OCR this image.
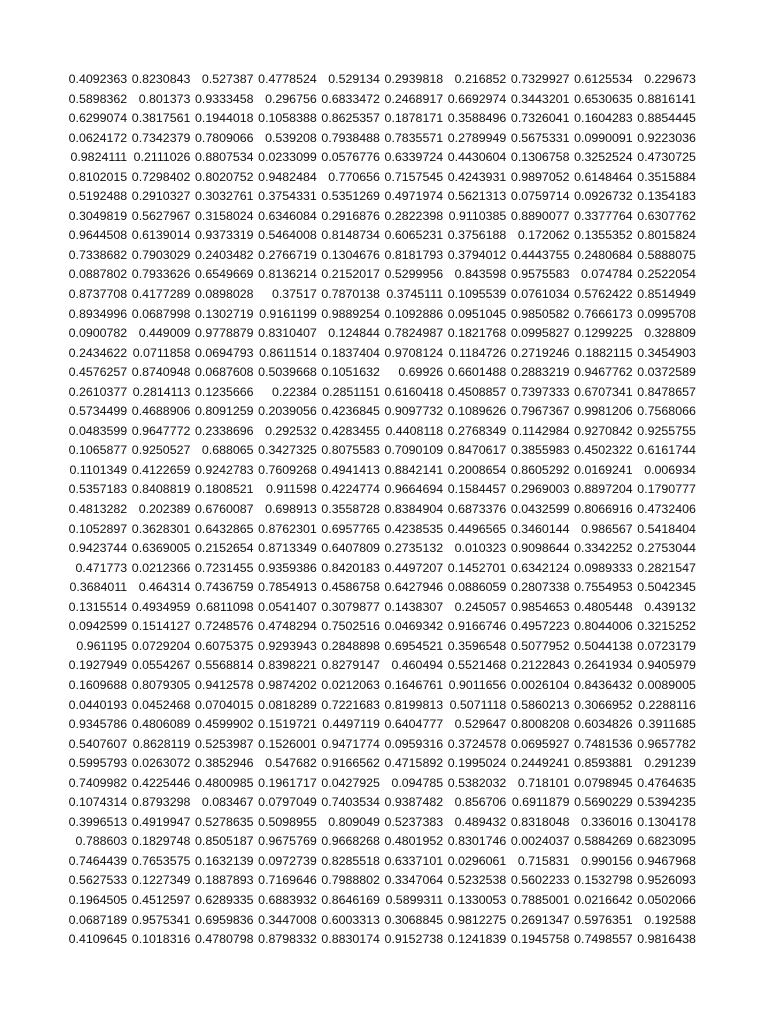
0.4092363 0.8230843 0.527387 0.4778524 0.529134 0.2939818 0.216852 0.7329927 0.6125534 0.229673
0.5898362 0.801373 0.9333458 0.296756 0.6833472 0.2468917 0.6692974 0.3443201 0.6530635 0.8816141
0.6299074 0.3817561 0.1944018 0.1058388 0.8625357 0.1878171 0.3588496 0.7326041 0.1604283 0.8854445
0.0624172 0.7342379 0.7809066 0.539208 0.7938488 0.7835571 0.2789949 0.5675331 0.0990091 0.9223036
0.9824111 0.2111026 0.8807534 0.0233099 0.0576776 0.6339724 0.4430604 0.1306758 0.3252524 0.4730725
0.8102015 0.7298402 0.8020752 0.9482484 0.770656 0.7157545 0.4243931 0.9897052 0.6148464 0.3515884
0.5192488 0.2910327 0.3032761 0.3754331 0.5351269 0.4971974 0.5621313 0.0759714 0.0926732 0.1354183
0.3049819 0.5627967 0.3158024 0.6346084 0.2916876 0.2822398 0.9110385 0.8890077 0.3377764 0.6307762
0.9644508 0.6139014 0.9373319 0.5464008 0.8148734 0.6065231 0.3756188 0.172062 0.1355352 0.8015824
0.7338682 0.7903029 0.2403482 0.2766719 0.1304676 0.8181793 0.3794012 0.4443755 0.2480684 0.5888075
0.0887802 0.7933626 0.6549669 0.8136214 0.2152017 0.5299956 0.843598 0.9575583 0.074784 0.2522054
0.8737708 0.4177289 0.0898028	0.37517 0.7870138 0.3745111 0.1095539 0.0761034 0.5762422 0.8514949
0.8934996 0.0687998 0.1302719 0.9161199 0.9889254 0.1092886 0.0951045 0.9850582 0.7666173 0.0995708
0.0900782 0.449009 0.9778879 0.8310407 0.124844 0.7824987 0.1821768 0.0995827 0.1299225 0.328809
0.2434622 0.0711858 0.0694793 0.8611514 0.1837404 0.9708124 0.1184726 0.2719246 0.1882115 0.3454903
0.4576257 0.8740948 0.0687608 0.5039668 0.1051632	0.69926 0.6601488 0.2883219 0.9467762 0.0372589
0.2610377 0.2814113 0.1235666	0.22384 0.2851151 0.6160418 0.4508857 0.7397333 0.6707341 0.8478657
0.5734499 0.4688906 0.8091259 0.2039056 0.4236845 0.9097732 0.1089626 0.7967367 0.9981206 0.7568066
0.0483599 0.9647772 0.2338696 0.292532 0.4283455 0.4408118 0.2768349 0.1142984 0.9270842 0.9255755
0.1065877 0.9250527 0.688065 0.3427325 0.8075583 0.7090109 0.8470617 0.3855983 0.4502322 0.6161744
0.1101349 0.4122659 0.9242783 0.7609268 0.4941413 0.8842141 0.2008654 0.8605292 0.0169241 0.006934
0.5357183 0.8408819 0.1808521	0.911598 0.4224774 0.9664694 0.1584457 0.2969003 0.8897204 0.1790777
0.4813282 0.202389 0.6760087 0.698913 0.3558728 0.8384904 0.6873376 0.0432599 0.8066916 0.4732406
0.1052897 0.3628301 0.6432865 0.8762301 0.6957765 0.4238535 0.4496565 0.3460144 0.986567 0.5418404
0.9423744 0.6369005 0.2152654 0.8713349 0.6407809 0.2735132 0.010323 0.9098644 0.3342252 0.2753044
0.471773 0.0212366 0.7231455 0.9359386 0.8420183 0.4497207 0.1452701 0.6342124 0.0989333 0.2821547
0.3684011 0.464314 0.7436759 0.7854913 0.4586758 0.6427946 0.0886059 0.2807338 0.7554953 0.5042345
0.1315514 0.4934959 0.6811098 0.0541407 0.3079877 0.1438307 0.245057 0.9854653 0.4805448 0.439132
0.0942599 0.1514127 0.7248576 0.4748294 0.7502516 0.0469342 0.9166746 0.4957223 0.8044006 0.3215252
0.961195 0.0729204 0.6075375 0.9293943 0.2848898 0.6954521 0.3596548 0.5077952 0.5044138 0.0723179
0.1927949 0.0554267 0.5568814 0.8398221 0.8279147 0.460494 0.5521468 0.2122843 0.2641934 0.9405979
0.1609688 0.8079305 0.9412578 0.9874202 0.0212063 0.1646761 0.9011656 0.0026104 0.8436432 0.0089005
0.0440193 0.0452468 0.0704015 0.0818289 0.7221683 0.8199813 0.5071118 0.5860213 0.3066952 0.2288116
0.9345786 0.4806089 0.4599902 0.1519721 0.4497119 0.6404777 0.529647 0.8008208 0.6034826 0.3911685
0.5407607 0.8628119 0.5253987 0.1526001 0.9471774 0.0959316 0.3724578 0.0695927 0.7481536 0.9657782
0.5995793 0.0263072 0.3852946 0.547682 0.9166562 0.4715892 0.1995024 0.2449241 0.8593881 0.291239
0.7409982 0.4225446 0.4800985 0.1961717 0.0427925 0.094785 0.5382032 0.718101 0.0798945 0.4764635
0.1074314 0.8793298 0.083467 0.0797049 0.7403534 0.9387482 0.856706 0.6911879 0.5690229 0.5394235
0.3996513 0.4919947 0.5278635 0.5098955 0.809049 0.5237383 0.489432 0.8318048 0.336016 0.1304178
0.788603 0.1829748 0.8505187 0.9675769 0.9668268 0.4801952 0.8301746 0.0024037 0.5884269 0.6823095
0.7464439 0.7653575 0.1632139 0.0972739 0.8285518 0.6337101 0.0296061 0.715831 0.990156 0.9467968
0.5627533 0.1227349 0.1887893 0.7169646 0.7988802 0.3347064 0.5232538 0.5602233 0.1532798 0.9526093
0.1964505 0.4512597 0.6289335 0.6883932 0.8646169 0.5899311 0.1330053 0.7885001 0.0216642 0.0502066
0.0687189 0.9575341 0.6959836 0.3447008 0.6003313 0.3068845 0.9812275 0.2691347 0.5976351 0.192588
0.4109645 0.1018316 0.4780798 0.8798332 0.8830174 0.9152738 0.1241839 0.1945758 0.7498557 0.9816438
